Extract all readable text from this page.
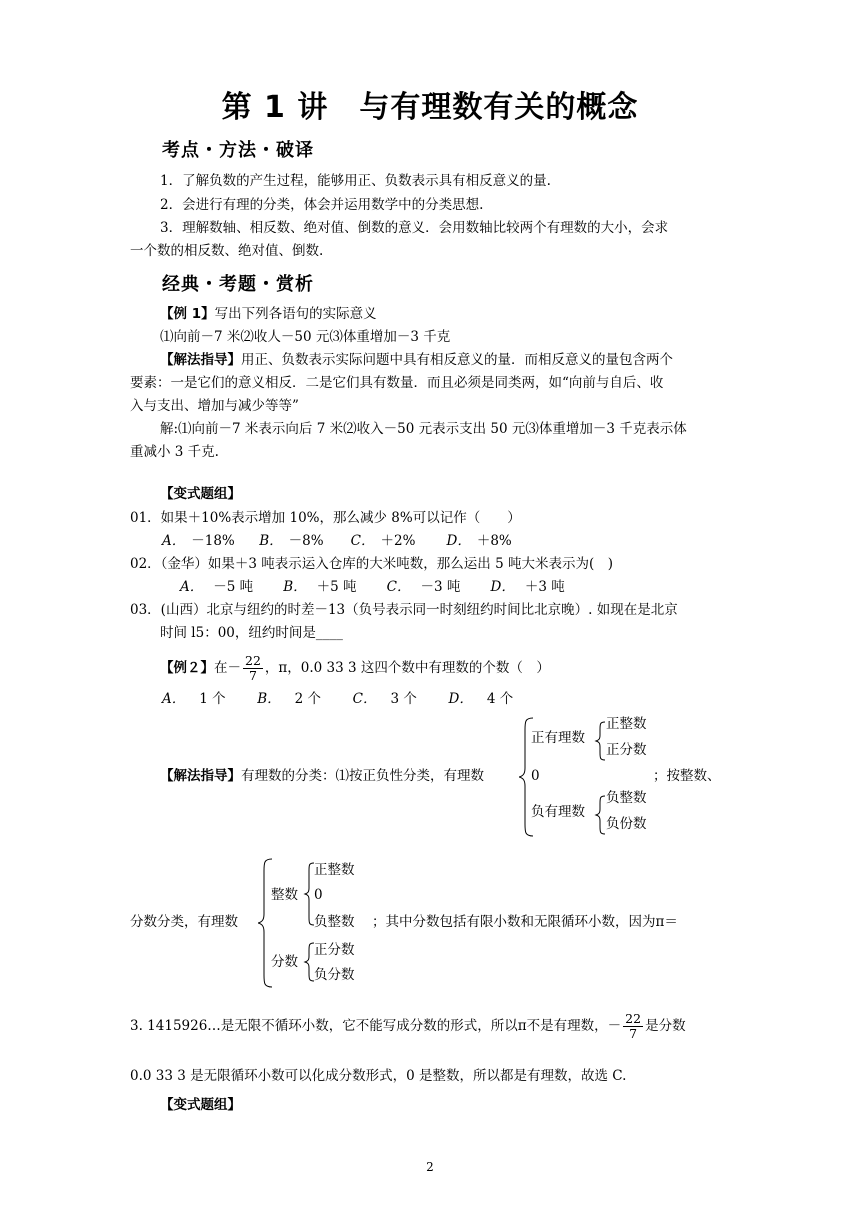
第 1 讲　与有理数有关的概念
考点・方法・破译
1．了解负数的产生过程，能够用正、负数表示具有相反意义的量.
2．会进行有理的分类，体会并运用数学中的分类思想.
3．理解数轴、相反数、绝对值、倒数的意义．会用数轴比较两个有理数的大小，会求
一个数的相反数、绝对值、倒数.
经典・考题・赏析
【例 1】写出下列各语句的实际意义
⑴向前－7 米⑵收人－50 元⑶体重增加－3 千克
【解法指导】用正、负数表示实际问题中具有相反意义的量．而相反意义的量包含两个
要素：一是它们的意义相反．二是它们具有数量．而且必须是同类两，如“向前与自后、收
入与支出、增加与减少等等”
解:⑴向前－7 米表示向后 7 米⑵收入－50 元表示支出 50 元⑶体重增加－3 千克表示体
重减小 3 千克.
【变式题组】
01．如果＋10%表示增加 10%，那么减少 8%可以记作（　　）
A． －18% B． －8% C． ＋2% D． ＋8%
02．（金华）如果＋3 吨表示运入仓库的大米吨数，那么运出 5 吨大米表示为(　)
A． －5 吨 B． ＋5 吨 C． －3 吨 D． ＋3 吨
03．(山西）北京与纽约的时差－13（负号表示同一时刻纽约时间比北京晚）. 如现在是北京
时间 l5：00，纽约时间是____
【例２】在－ $\frac{22}{7}$ ，π，0.0 33 3 这四个数中有理数的个数（　）
A． 1 个 B． 2 个 C． 3 个 D． 4 个
【解法指导】有理数的分类：⑴按正负性分类，有理数
正有理数
正整数
正分数
0
负有理数
负整数
负份数
；按整数、
分数分类，有理数
整数
正整数
0
负整数
分数
正分数
负分数
；其中分数包括有限小数和无限循环小数，因为π＝
3. 1415926…是无限不循环小数，它不能写成分数的形式，所以π不是有理数，－ $\frac{22}{7}$ 是分数
0.0 33 3 是无限循环小数可以化成分数形式，0 是整数，所以都是有理数，故选 C.
【变式题组】
2
